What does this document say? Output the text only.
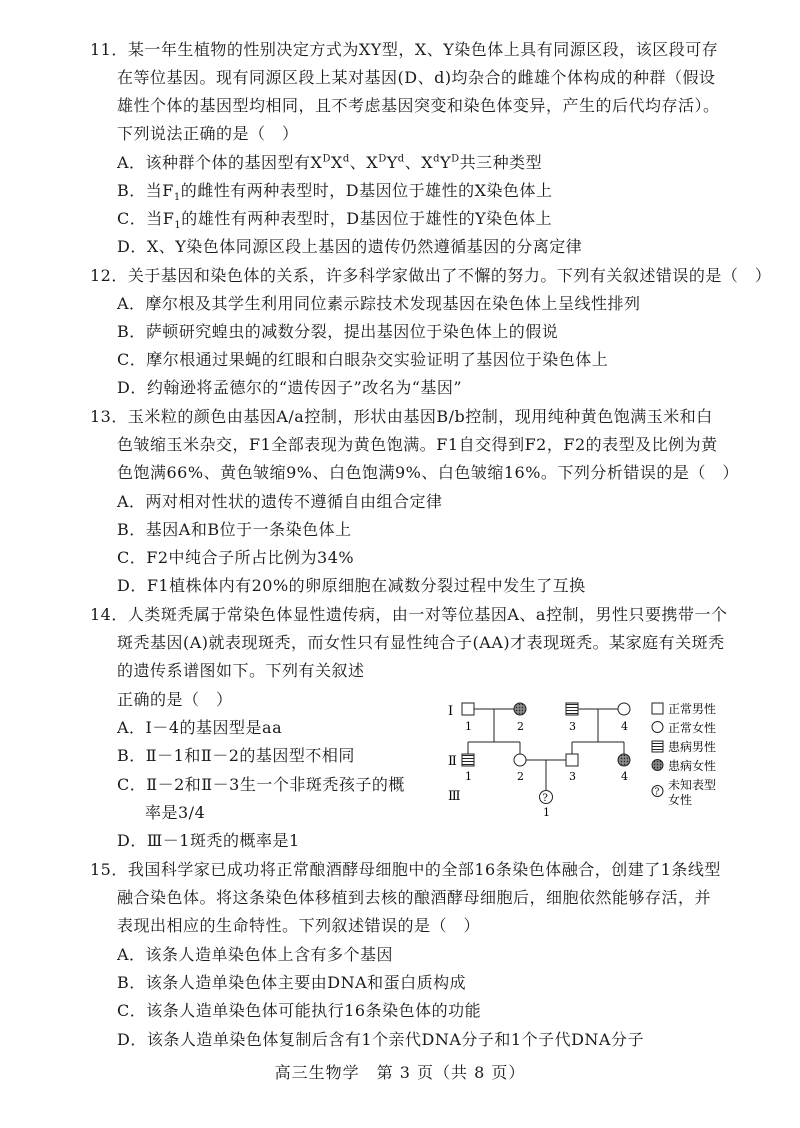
11．某一年生植物的性别决定方式为XY型，X、Y染色体上具有同源区段，该区段可存
在等位基因。现有同源区段上某对基因(D、d)均杂合的雌雄个体构成的种群（假设
雄性个体的基因型均相同，且不考虑基因突变和染色体变异，产生的后代均存活）。
下列说法正确的是（　）
A．该种群个体的基因型有$X^DX^d$、$X^DY^d$、$X^dY^D$共三种类型
B．当$F_1$的雌性有两种表型时，D基因位于雄性的X染色体上
C．当$F_1$的雄性有两种表型时，D基因位于雄性的Y染色体上
D．X、Y染色体同源区段上基因的遗传仍然遵循基因的分离定律
12．关于基因和染色体的关系，许多科学家做出了不懈的努力。下列有关叙述错误的是（　）
A．摩尔根及其学生利用同位素示踪技术发现基因在染色体上呈线性排列
B．萨顿研究蝗虫的减数分裂，提出基因位于染色体上的假说
C．摩尔根通过果蝇的红眼和白眼杂交实验证明了基因位于染色体上
D．约翰逊将孟德尔的“遗传因子”改名为“基因”
13．玉米粒的颜色由基因A/a控制，形状由基因B/b控制，现用纯种黄色饱满玉米和白
色皱缩玉米杂交，F1全部表现为黄色饱满。F1自交得到F2，F2的表型及比例为黄
色饱满66%、黄色皱缩9%、白色饱满9%、白色皱缩16%。下列分析错误的是（　）
A．两对相对性状的遗传不遵循自由组合定律
B．基因A和B位于一条染色体上
C．F2中纯合子所占比例为34%
D．F1植株体内有20%的卵原细胞在减数分裂过程中发生了互换
14．人类斑秃属于常染色体显性遗传病，由一对等位基因A、a控制，男性只要携带一个
斑秃基因(A)就表现斑秃，而女性只有显性纯合子(AA)才表现斑秃。某家庭有关斑秃
的遗传系谱图如下。下列有关叙述
正确的是（　）
A．Ⅰ－4的基因型是aa
B．Ⅱ－1和Ⅱ－2的基因型不相同
C．Ⅱ－2和Ⅱ－3生一个非斑秃孩子的概
率是3/4
D．Ⅲ－1斑秃的概率是1
Ⅰ
Ⅱ
Ⅲ
1	2	3	4
1	2	3	4
?
1
正常男性
正常女性
患病男性
患病女性
?
未知表型
女性
15．我国科学家已成功将正常酿酒酵母细胞中的全部16条染色体融合，创建了1条线型
融合染色体。将这条染色体移植到去核的酿酒酵母细胞后，细胞依然能够存活，并
表现出相应的生命特性。下列叙述错误的是（　）
A．该条人造单染色体上含有多个基因
B．该条人造单染色体主要由DNA和蛋白质构成
C．该条人造单染色体可能执行16条染色体的功能
D．该条人造单染色体复制后含有1个亲代DNA分子和1个子代DNA分子
高三生物学　第 3 页（共 8 页）
